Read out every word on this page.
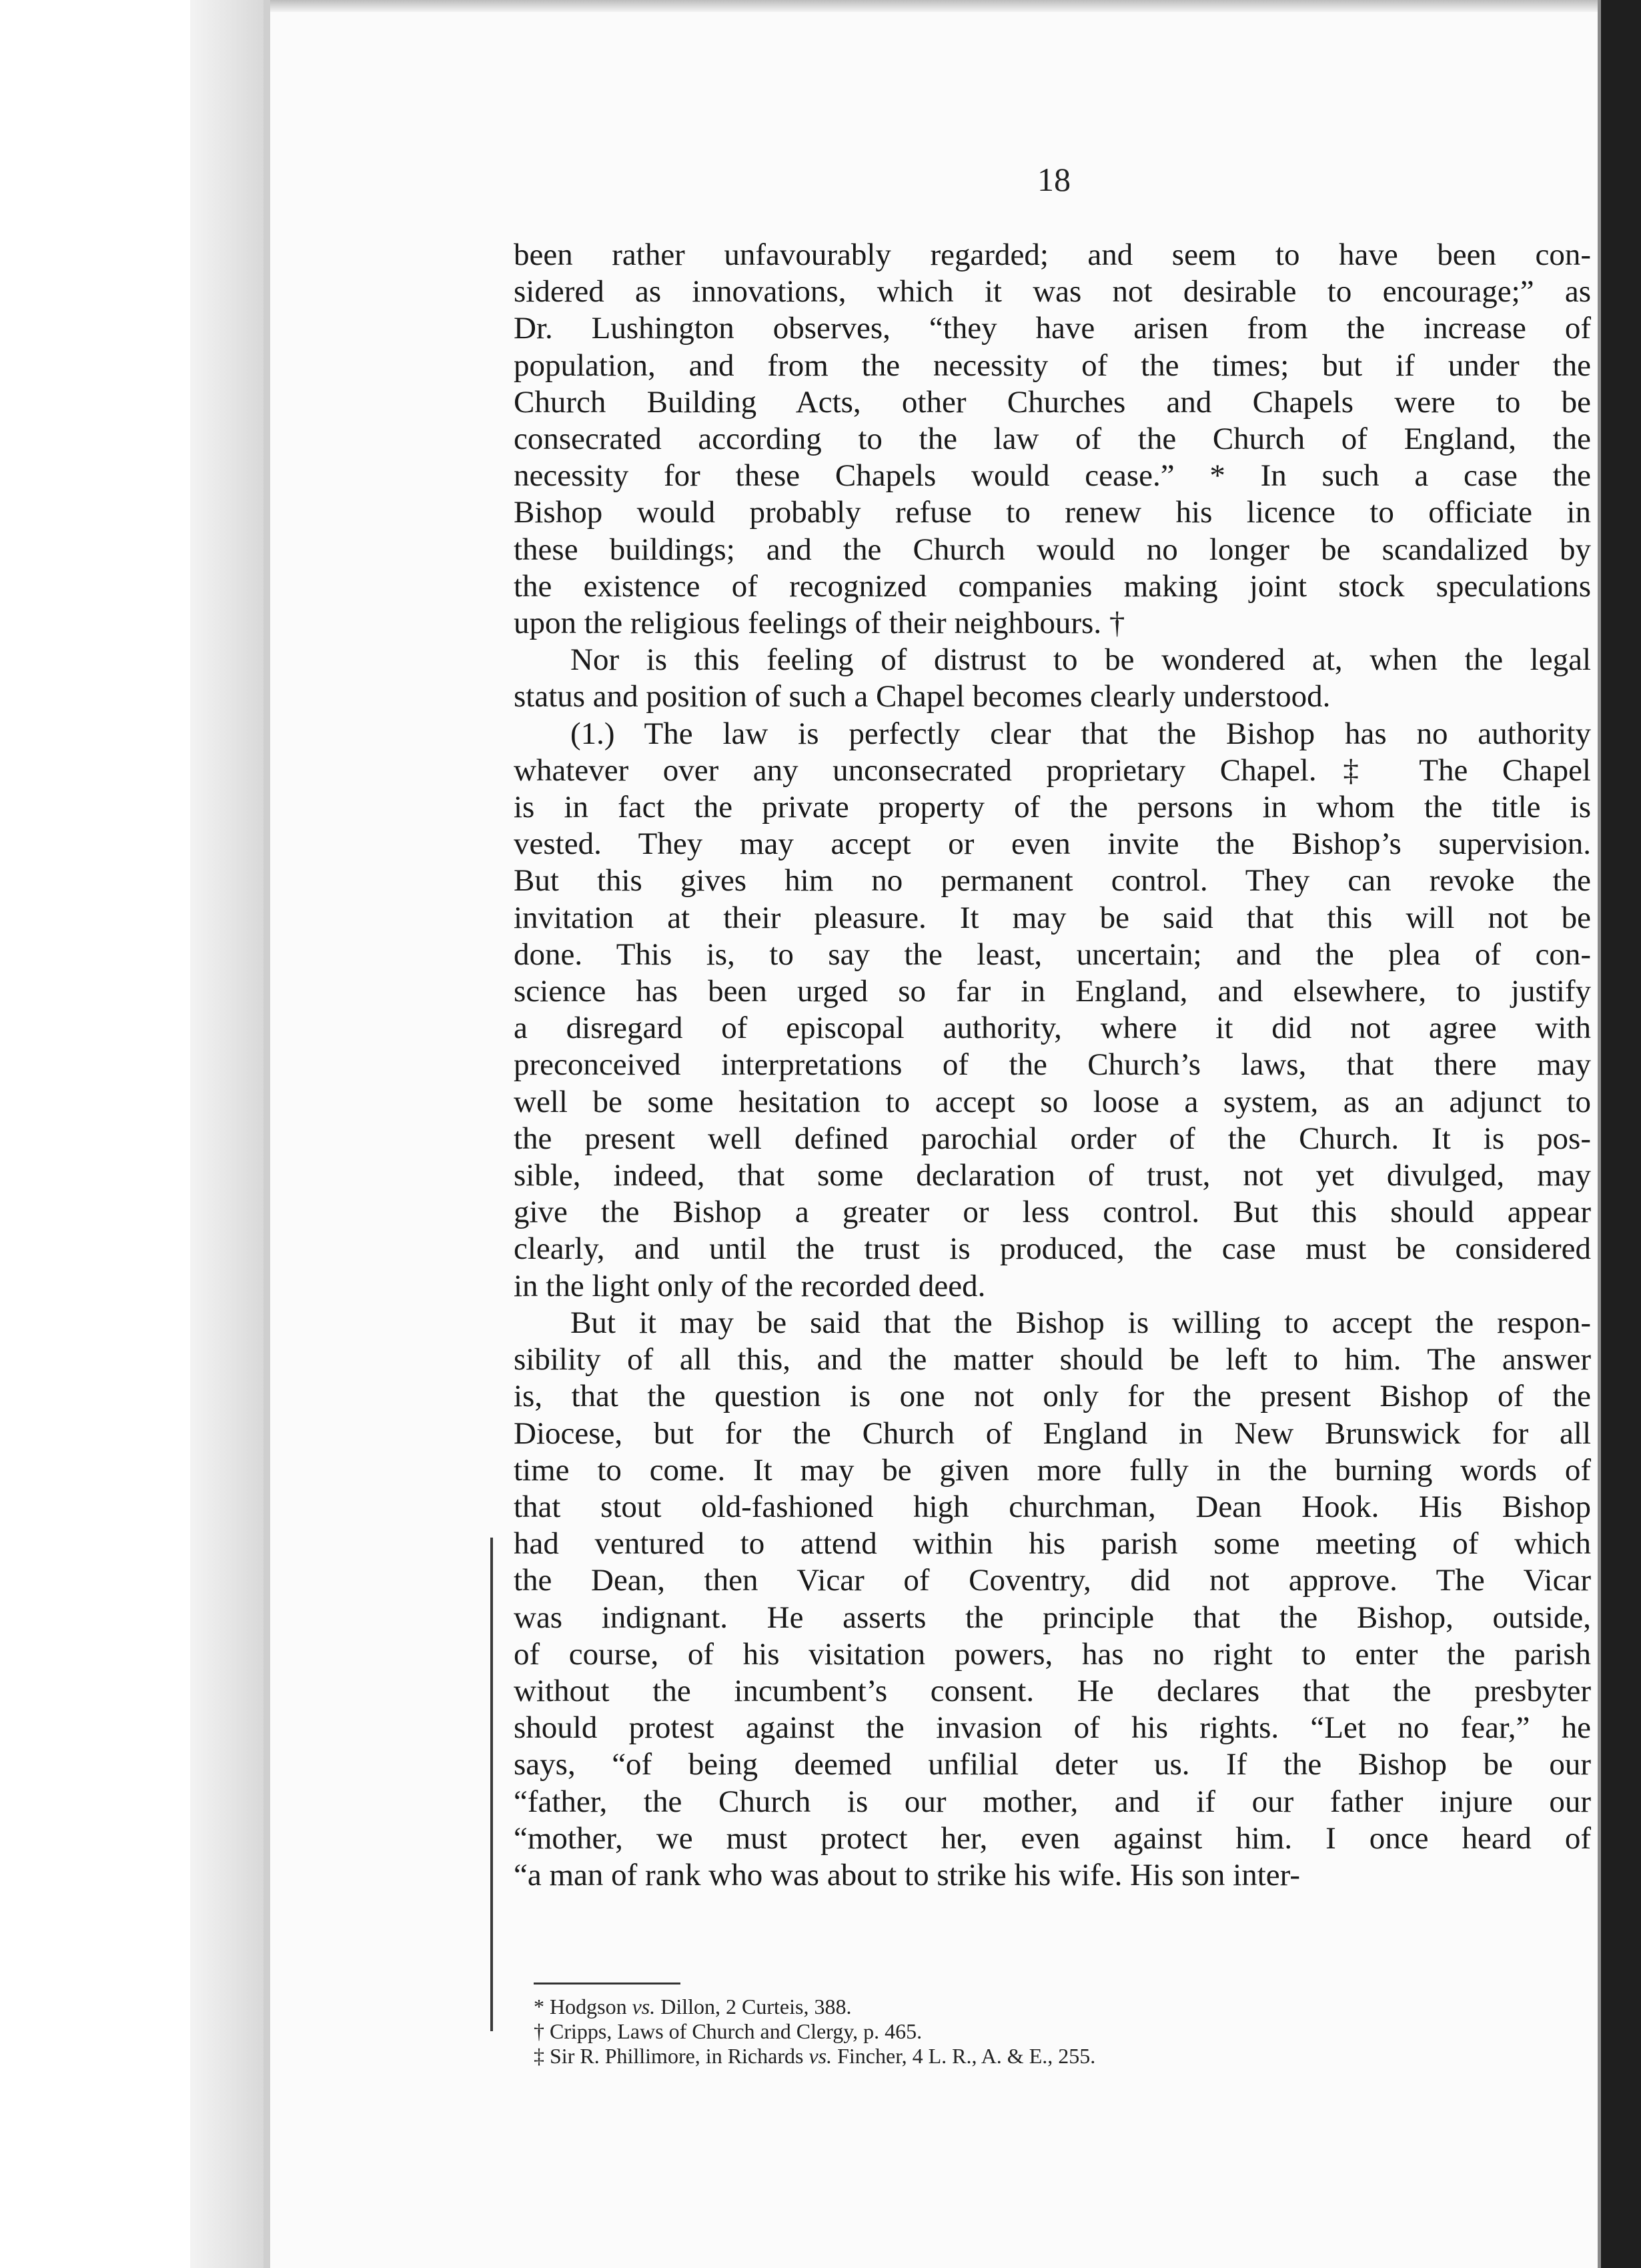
18
been rather unfavourably regarded; and seem to have been con-
sidered as innovations, which it was not desirable to encourage;” as
Dr. Lushington observes, “they have arisen from the increase of
population, and from the necessity of the times; but if under the
Church Building Acts, other Churches and Chapels were to be
consecrated according to the law of the Church of England, the
necessity for these Chapels would cease.” * In such a case the
Bishop would probably refuse to renew his licence to officiate in
these buildings; and the Church would no longer be scandalized by
the existence of recognized companies making joint stock speculations
upon the religious feelings of their neighbours. †
Nor is this feeling of distrust to be wondered at, when the legal
status and position of such a Chapel becomes clearly understood.
(1.) The law is perfectly clear that the Bishop has no authority
whatever over any unconsecrated proprietary Chapel.‡ The Chapel
is in fact the private property of the persons in whom the title is
vested. They may accept or even invite the Bishop’s supervision.
But this gives him no permanent control. They can revoke the
invitation at their pleasure. It may be said that this will not be
done. This is, to say the least, uncertain; and the plea of con-
science has been urged so far in England, and elsewhere, to justify
a disregard of episcopal authority, where it did not agree with
preconceived interpretations of the Church’s laws, that there may
well be some hesitation to accept so loose a system, as an adjunct to
the present well defined parochial order of the Church. It is pos-
sible, indeed, that some declaration of trust, not yet divulged, may
give the Bishop a greater or less control. But this should appear
clearly, and until the trust is produced, the case must be considered
in the light only of the recorded deed.
But it may be said that the Bishop is willing to accept the respon-
sibility of all this, and the matter should be left to him. The answer
is, that the question is one not only for the present Bishop of the
Diocese, but for the Church of England in New Brunswick for all
time to come. It may be given more fully in the burning words of
that stout old-fashioned high churchman, Dean Hook. His Bishop
had ventured to attend within his parish some meeting of which
the Dean, then Vicar of Coventry, did not approve. The Vicar
was indignant. He asserts the principle that the Bishop, outside,
of course, of his visitation powers, has no right to enter the parish
without the incumbent’s consent. He declares that the presbyter
should protest against the invasion of his rights. “Let no fear,” he
says, “of being deemed unfilial deter us. If the Bishop be our
“father, the Church is our mother, and if our father injure our
“mother, we must protect her, even against him. I once heard of
“a man of rank who was about to strike his wife. His son inter-
* Hodgson vs. Dillon, 2 Curteis, 388.
† Cripps, Laws of Church and Clergy, p. 465.
‡ Sir R. Phillimore, in Richards vs. Fincher, 4 L. R., A. & E., 255.
